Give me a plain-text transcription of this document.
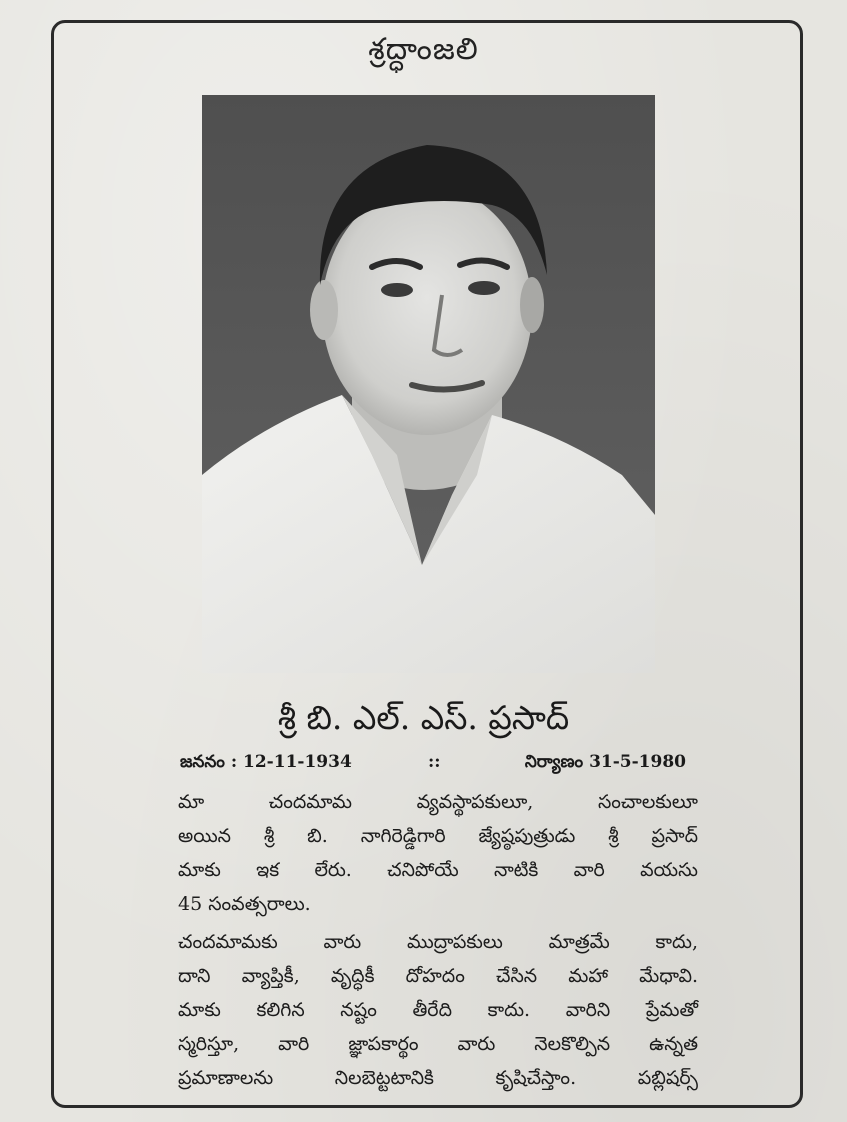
శ్రద్ధాంజలి
శ్రీ బి. ఎల్. ఎస్. ప్రసాద్
జననం : 12-11-1934	::	నిర్యాణం 31-5-1980
మా చందమామ వ్యవస్థాపకులూ, సంచాలకులూ
అయిన శ్రీ బి. నాగిరెడ్డిగారి జ్యేష్ఠపుత్రుడు శ్రీ ప్రసాద్
మాకు ఇక లేరు. చనిపోయే నాటికి వారి వయసు
45 సంవత్సరాలు.
చందమామకు వారు ముద్రాపకులు మాత్రమే కాదు,
దాని వ్యాప్తికీ, వృద్ధికీ దోహదం చేసిన మహా మేధావి.
మాకు కలిగిన నష్టం తీరేది కాదు. వారిని ప్రేమతో
స్మరిస్తూ, వారి జ్ఞాపకార్థం వారు నెలకొల్పిన ఉన్నత
ప్రమాణాలను నిలబెట్టటానికి కృషిచేస్తాం. పబ్లిషర్స్
